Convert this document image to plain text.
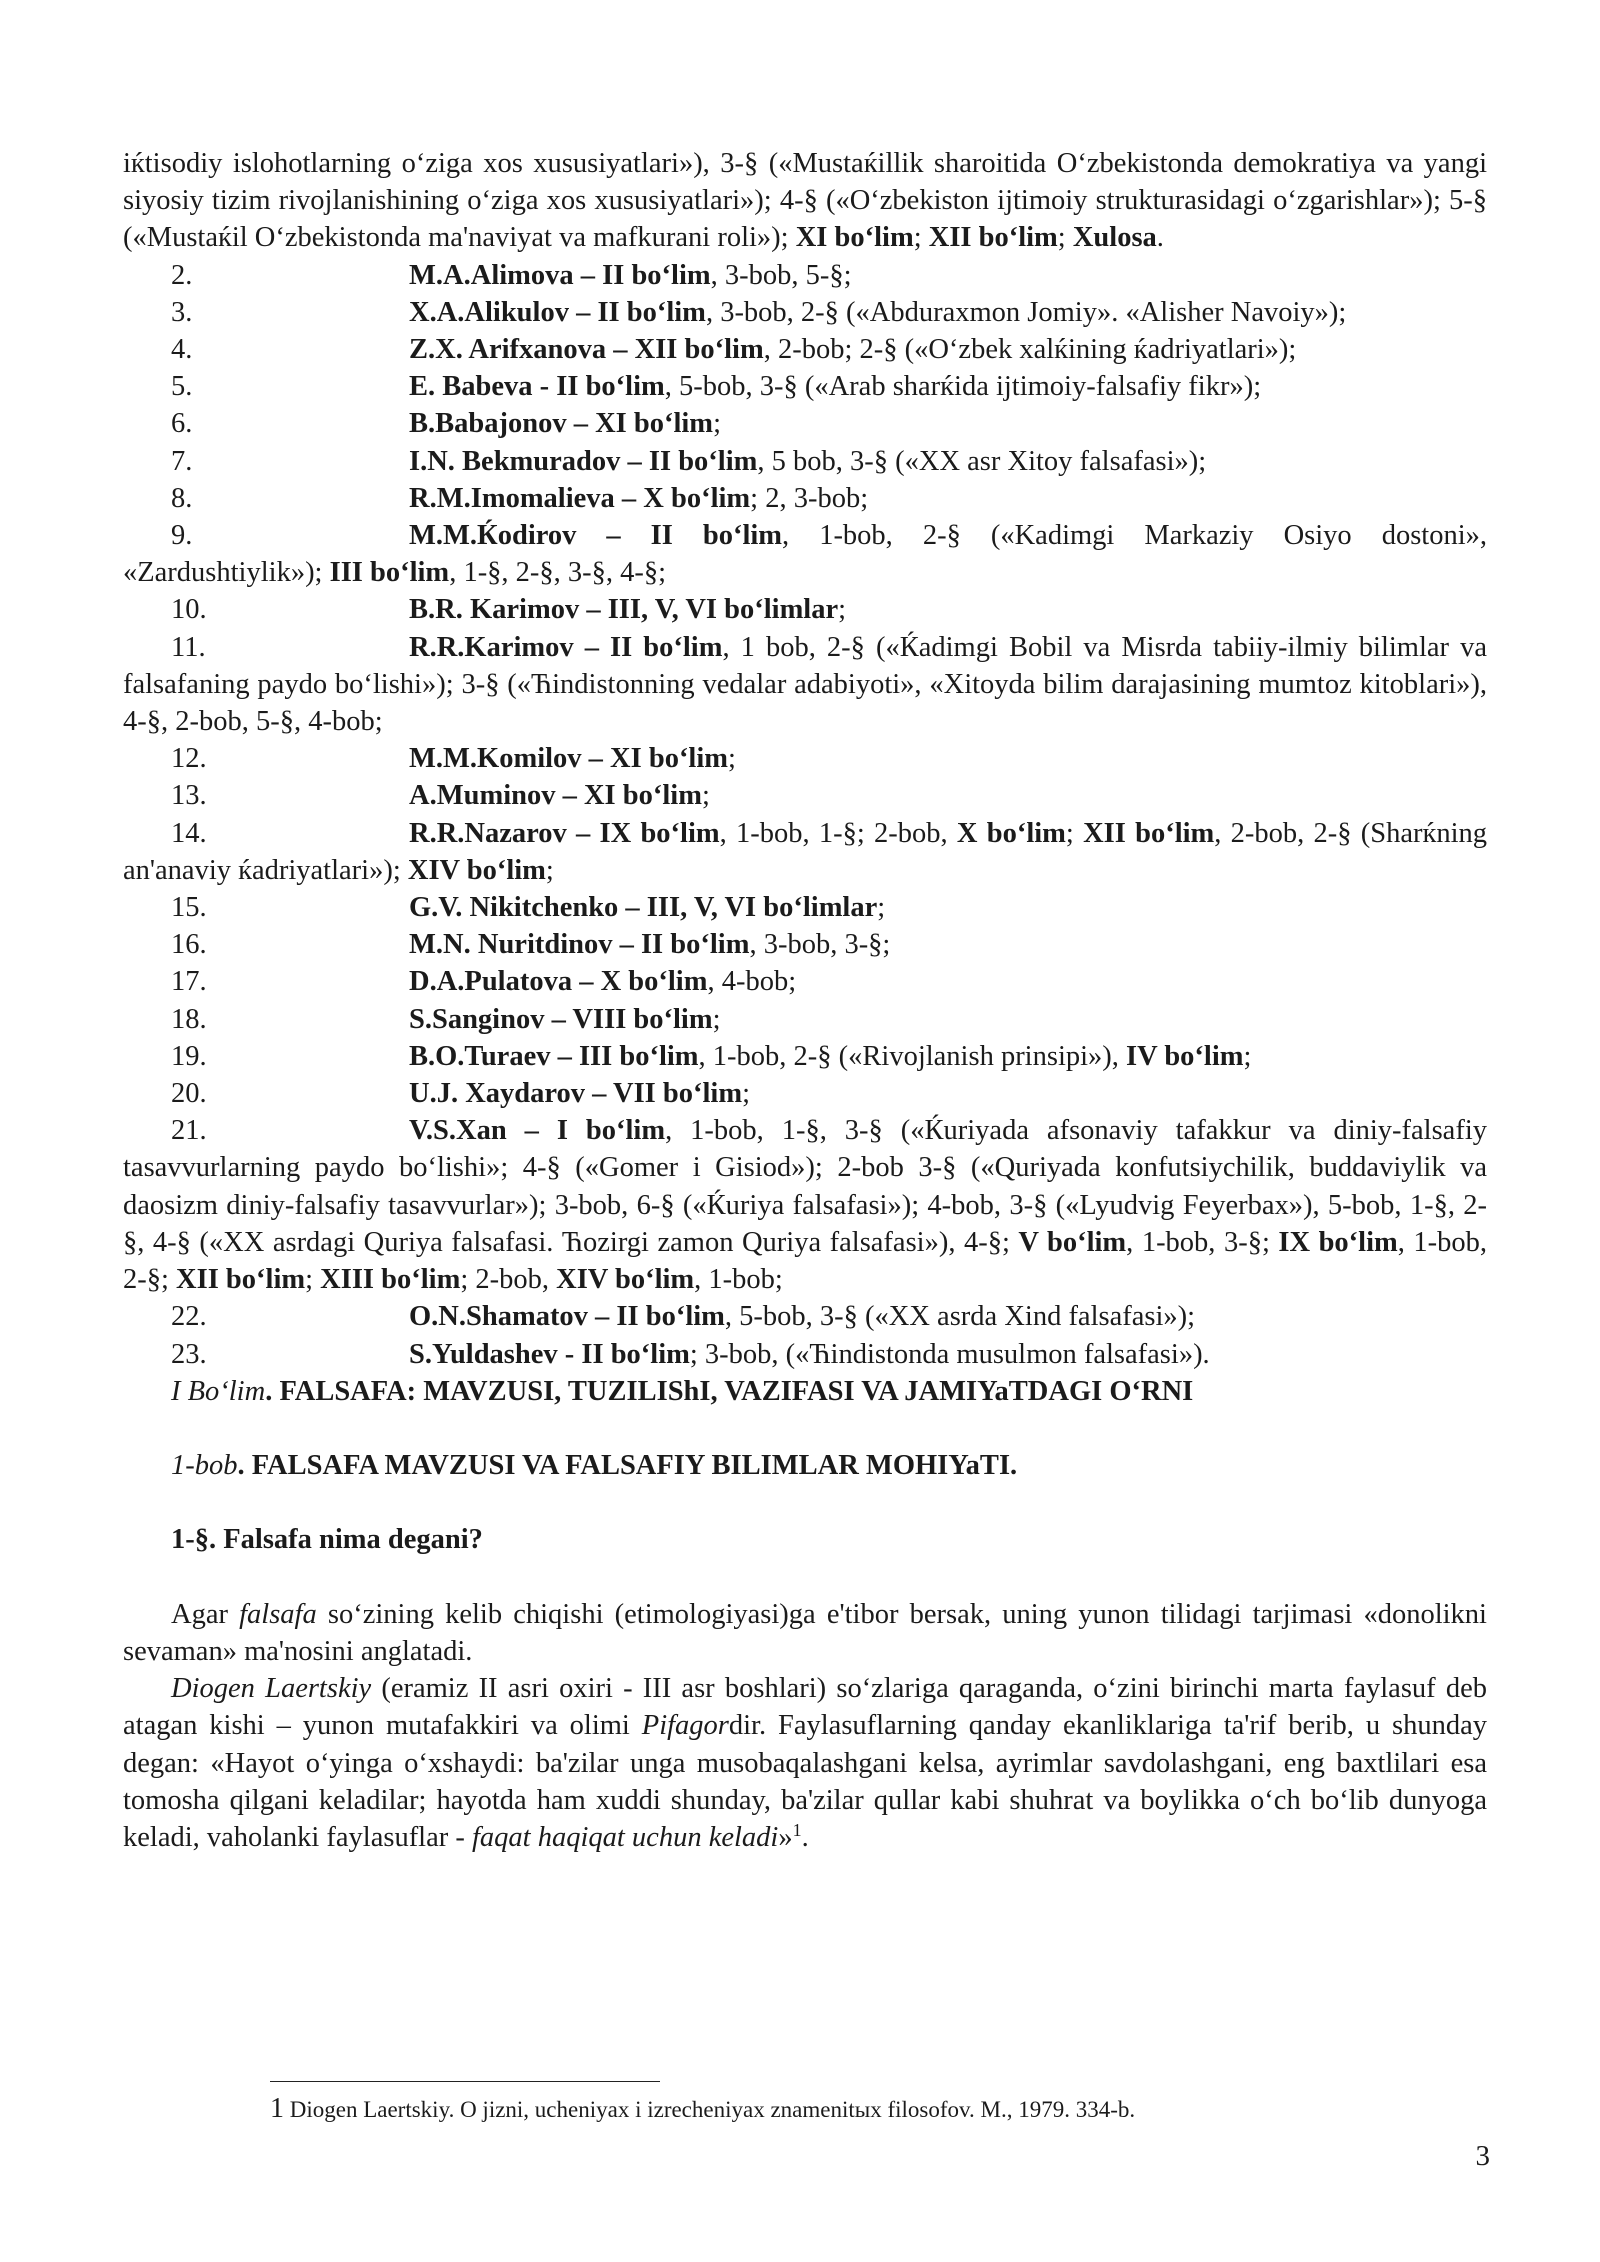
iќtisodiy islohotlarning o‘ziga xos xususiyatlari»), 3-§ («Mustaќillik sharoitida O‘zbekistonda demokratiya va yangi siyosiy tizim rivojlanishining o‘ziga xos xususiyatlari»); 4-§ («O‘zbekiston ijtimoiy strukturasidagi o‘zgarishlar»); 5-§ («Mustaќil O‘zbekistonda ma'naviyat va mafkurani roli»); XI bo‘lim; XII bo‘lim; Xulosa.

2.	M.A.Alimova – II bo‘lim, 3-bob, 5-§;

3.	X.A.Alikulov – II bo‘lim, 3-bob, 2-§ («Abduraxmon Jomiy». «Alisher Navoiy»);

4.	Z.X. Arifxanova – XII bo‘lim, 2-bob; 2-§ («O‘zbek xalќining ќadriyatlari»);

5.	E. Babeva - II bo‘lim, 5-bob, 3-§ («Arab sharќida ijtimoiy-falsafiy fikr»);

6.	B.Babajonov – XI bo‘lim;

7.	I.N. Bekmuradov – II bo‘lim, 5 bob, 3-§ («XX asr Xitoy falsafasi»);

8.	R.M.Imomalieva – X bo‘lim; 2, 3-bob;

9.	M.M.Ќodirov – II bo‘lim, 1-bob, 2-§ («Kadimgi Markaziy Osiyo dostoni», «Zardushtiylik»); III bo‘lim, 1-§, 2-§, 3-§, 4-§;

10.	B.R. Karimov – III, V, VI bo‘limlar;

11.	R.R.Karimov – II bo‘lim, 1 bob, 2-§ («Ќadimgi Bobil va Misrda tabiiy-ilmiy bilimlar va falsafaning paydo bo‘lishi»); 3-§ («Ћindistonning vedalar adabiyoti», «Xitoyda bilim darajasining mumtoz kitoblari»), 4-§, 2-bob, 5-§, 4-bob;

12.	M.M.Komilov – XI bo‘lim;

13.	A.Muminov – XI bo‘lim;

14.	R.R.Nazarov – IX bo‘lim, 1-bob, 1-§; 2-bob, X bo‘lim; XII bo‘lim, 2-bob, 2-§ (Sharќning an'anaviy ќadriyatlari»); XIV bo‘lim;

15.	G.V. Nikitchenko – III, V, VI bo‘limlar;

16.	M.N. Nuritdinov – II bo‘lim, 3-bob, 3-§;

17.	D.A.Pulatova – X bo‘lim, 4-bob;

18.	S.Sanginov – VIII bo‘lim;

19.	B.O.Turaev – III bo‘lim, 1-bob, 2-§ («Rivojlanish prinsipi»), IV bo‘lim;

20.	U.J. Xaydarov – VII bo‘lim;

21.	V.S.Xan – I bo‘lim, 1-bob, 1-§, 3-§ («Ќuriyada afsonaviy tafakkur va diniy-falsafiy tasavvurlarning paydo bo‘lishi»; 4-§ («Gomer i Gisiod»); 2-bob 3-§ («Quriyada konfutsiychilik, buddaviylik va daosizm diniy-falsafiy tasavvurlar»); 3-bob, 6-§ («Ќuriya falsafasi»); 4-bob, 3-§ («Lyudvig Feyerbax»), 5-bob, 1-§, 2-§, 4-§ («XX asrdagi Quriya falsafasi. Ћozirgi zamon Quriya falsafasi»), 4-§; V bo‘lim, 1-bob, 3-§; IX bo‘lim, 1-bob, 2-§; XII bo‘lim; XIII bo‘lim; 2-bob, XIV bo‘lim, 1-bob;

22.	O.N.Shamatov – II bo‘lim, 5-bob, 3-§ («XX asrda Xind falsafasi»);

23.	S.Yuldashev - II bo‘lim; 3-bob, («Ћindistonda musulmon falsafasi»).

I Bo‘lim. FALSAFA: MAVZUSI, TUZILIShI, VAZIFASI VA JAMIYaTDAGI O‘RNI

1-bob. FALSAFA MAVZUSI VA FALSAFIY BILIMLAR MOHIYaTI.

1-§. Falsafa nima degani?

Agar falsafa so‘zining kelib chiqishi (etimologiyasi)ga e'tibor bersak, uning yunon tilidagi tarjimasi «donolikni sevaman» ma'nosini anglatadi.

Diogen Laertskiy (eramiz II asri oxiri - III asr boshlari) so‘zlariga qaraganda, o‘zini birinchi marta faylasuf deb atagan kishi – yunon mutafakkiri va olimi Pifagordir. Faylasuflarning qanday ekanliklariga ta'rif berib, u shunday degan: «Hayot o‘yinga o‘xshaydi: ba'zilar unga musobaqalashgani kelsa, ayrimlar savdolashgani, eng baxtlilari esa tomosha qilgani keladilar; hayotda ham xuddi shunday, ba'zilar qullar kabi shuhrat va boylikka o‘ch bo‘lib dunyoga keladi, vaholanki faylasuflar - faqat haqiqat uchun keladi»$^1$.

1 Diogen Laertskiy. O jizni, ucheniyax i izrecheniyax znamenitыx filosofov. M., 1979. 334-b.
3
